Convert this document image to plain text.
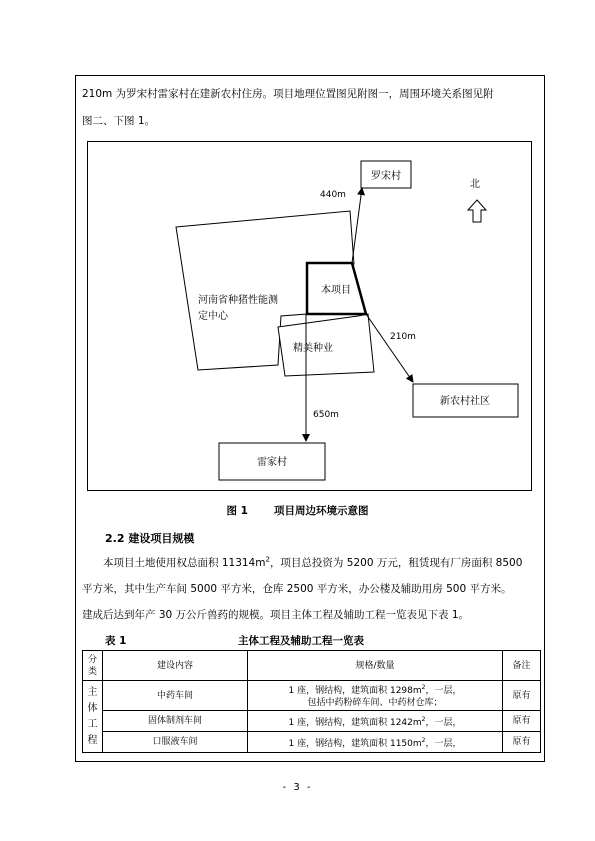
210m 为罗宋村雷家村在建新农村住房。项目地理位置图见附图一，周围环境关系图见附
图二、下图 1。
罗宋村
北
440m
本项目
河南省种猪性能测
定中心
精美种业
210m
新农村社区
650m
雷家村
图 1 项目周边环境示意图
2.2 建设项目规模
本项目土地使用权总面积 $11314m^2$，项目总投资为 5200 万元，租赁现有厂房面积 8500
平方米，其中生产车间 5000 平方米，仓库 2500 平方米，办公楼及辅助用房 500 平方米。
建成后达到年产 30 万公斤兽药的规模。项目主体工程及辅助工程一览表见下表 1。
表 1	主体工程及辅助工程一览表
分类	建设内容	规格/数量	备注
主体工程	中药车间	1 座，钢结构，建筑面积 $1298m^2$，一层，
包括中药粉碎车间、中药材仓库；	原有
	固体制剂车间	1 座，钢结构，建筑面积 $1242m^2$，一层，	原有
	口服液车间	1 座，钢结构，建筑面积 $1150m^2$，一层，	原有
- 3 -
